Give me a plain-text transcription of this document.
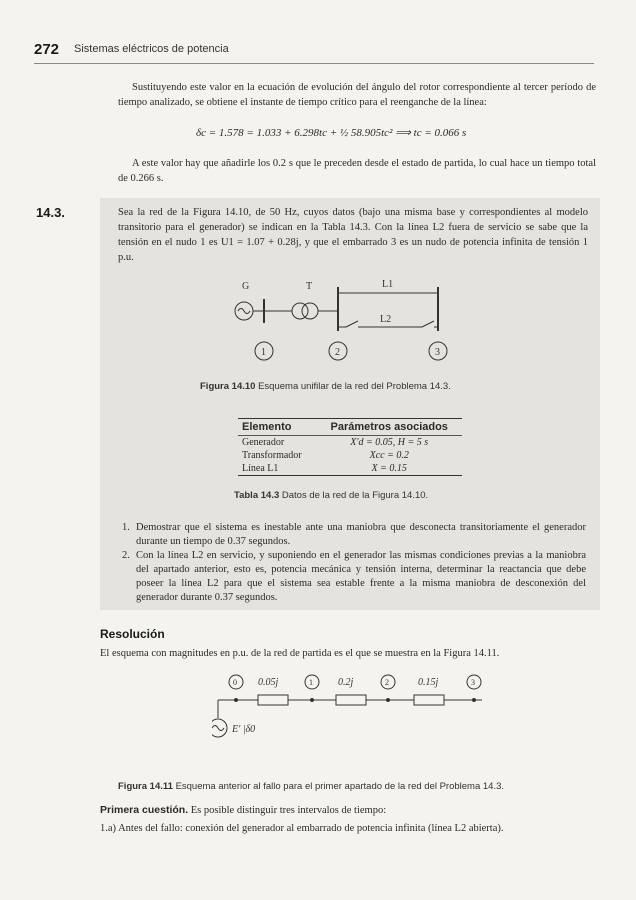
272 Sistemas eléctricos de potencia
Sustituyendo este valor en la ecuación de evolución del ángulo del rotor correspondiente al tercer período de tiempo analizado, se obtiene el instante de tiempo crítico para el reenganche de la línea:
δc = 1.578 = 1.033 + 6.298tc + ½ 58.905tc² ⟹ tc = 0.066 s
A este valor hay que añadirle los 0.2 s que le preceden desde el estado de partida, lo cual hace un tiempo total de 0.266 s.
14.3.	Sea la red de la Figura 14.10, de 50 Hz, cuyos datos (bajo una misma base y correspondientes al modelo transitorio para el generador) se indican en la Tabla 14.3. Con la línea L2 fuera de servicio se sabe que la tensión en el nudo 1 es U1 = 1.07 + 0.28j, y que el embarrado 3 es un nudo de potencia infinita de tensión 1 p.u.
G	T	L1
L2
1	2	3
Figura 14.10 Esquema unifilar de la red del Problema 14.3.
Elemento	Parámetros asociados
Generador	X'd = 0.05, H = 5 s
Transformador	Xcc = 0.2
Línea L1	X = 0.15
Tabla 14.3 Datos de la red de la Figura 14.10.
1. Demostrar que el sistema es inestable ante una maniobra que desconecta transitoriamente el generador durante un tiempo de 0.37 segundos.
2. Con la línea L2 en servicio, y suponiendo en el generador las mismas condiciones previas a la maniobra del apartado anterior, esto es, potencia mecánica y tensión interna, determinar la reactancia que debe poseer la línea L2 para que el sistema sea estable frente a la misma maniobra de desconexión del generador durante 0.37 segundos.
Resolución
El esquema con magnitudes en p.u. de la red de partida es el que se muestra en la Figura 14.11.
0	1	2	3
0.05j	0.2j	0.15j
E' |δ0
Figura 14.11 Esquema anterior al fallo para el primer apartado de la red del Problema 14.3.
Primera cuestión. Es posible distinguir tres intervalos de tiempo:
1.a) Antes del fallo: conexión del generador al embarrado de potencia infinita (línea L2 abierta).
